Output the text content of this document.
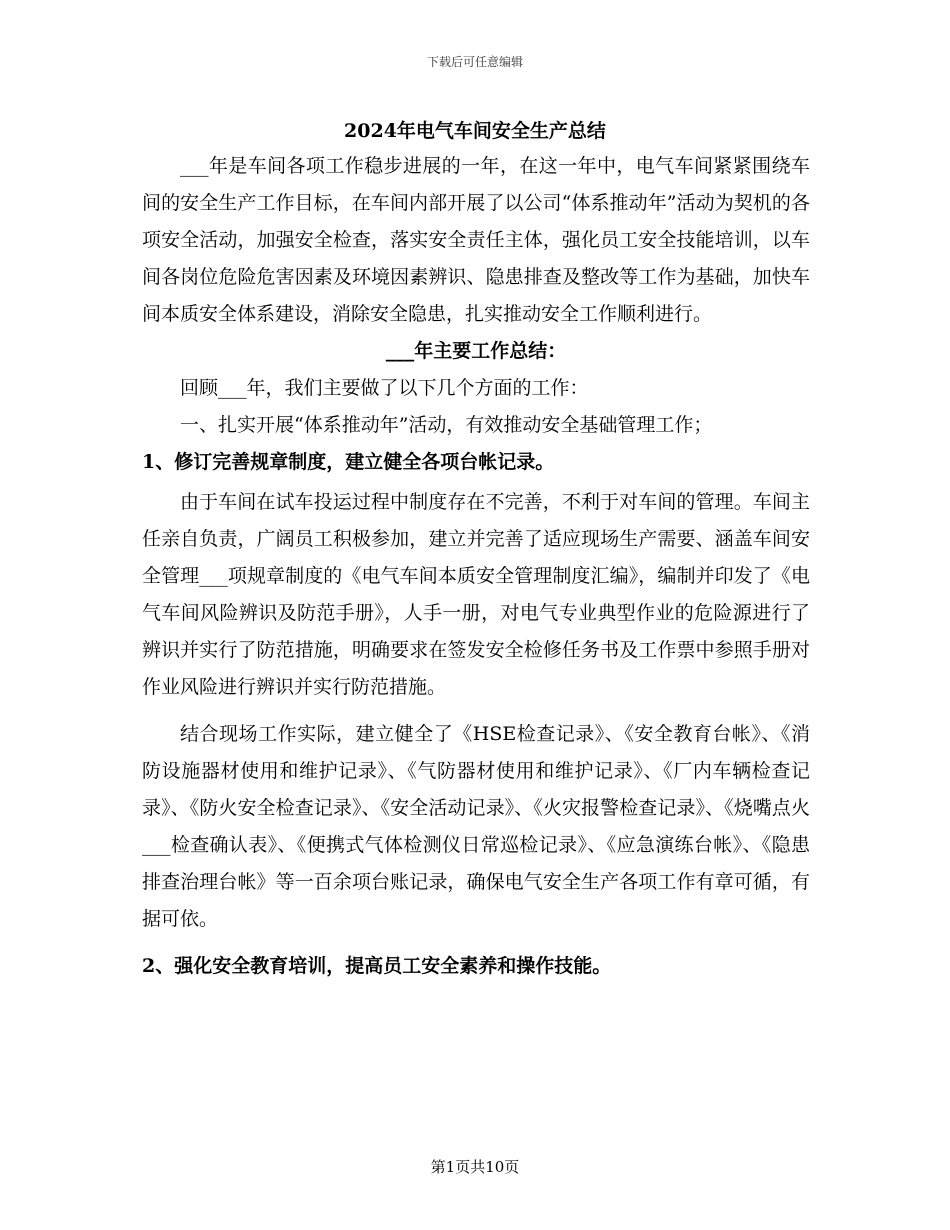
下载后可任意编辑
2024年电气车间安全生产总结

___年是车间各项工作稳步进展的一年，在这一年中，电气车间紧紧围绕车间的安全生产工作目标，在车间内部开展了以公司“体系推动年”活动为契机的各项安全活动，加强安全检查，落实安全责任主体，强化员工安全技能培训，以车间各岗位危险危害因素及环境因素辨识、隐患排查及整改等工作为基础，加快车间本质安全体系建设，消除安全隐患，扎实推动安全工作顺利进行。

___年主要工作总结：

回顾___年，我们主要做了以下几个方面的工作：

一、扎实开展“体系推动年”活动，有效推动安全基础管理工作；

1、修订完善规章制度，建立健全各项台帐记录。

由于车间在试车投运过程中制度存在不完善，不利于对车间的管理。车间主任亲自负责，广阔员工积极参加，建立并完善了适应现场生产需要、涵盖车间安全管理___项规章制度的《电气车间本质安全管理制度汇编》，编制并印发了《电气车间风险辨识及防范手册》，人手一册，对电气专业典型作业的危险源进行了辨识并实行了防范措施，明确要求在签发安全检修任务书及工作票中参照手册对作业风险进行辨识并实行防范措施。

结合现场工作实际，建立健全了《HSE检查记录》、《安全教育台帐》、《消防设施器材使用和维护记录》、《气防器材使用和维护记录》、《厂内车辆检查记录》、《防火安全检查记录》、《安全活动记录》、《火灾报警检查记录》、《烧嘴点火___检查确认表》、《便携式气体检测仪日常巡检记录》、《应急演练台帐》、《隐患排查治理台帐》等一百余项台账记录，确保电气安全生产各项工作有章可循，有据可依。

2、强化安全教育培训，提高员工安全素养和操作技能。

第1页共10页
